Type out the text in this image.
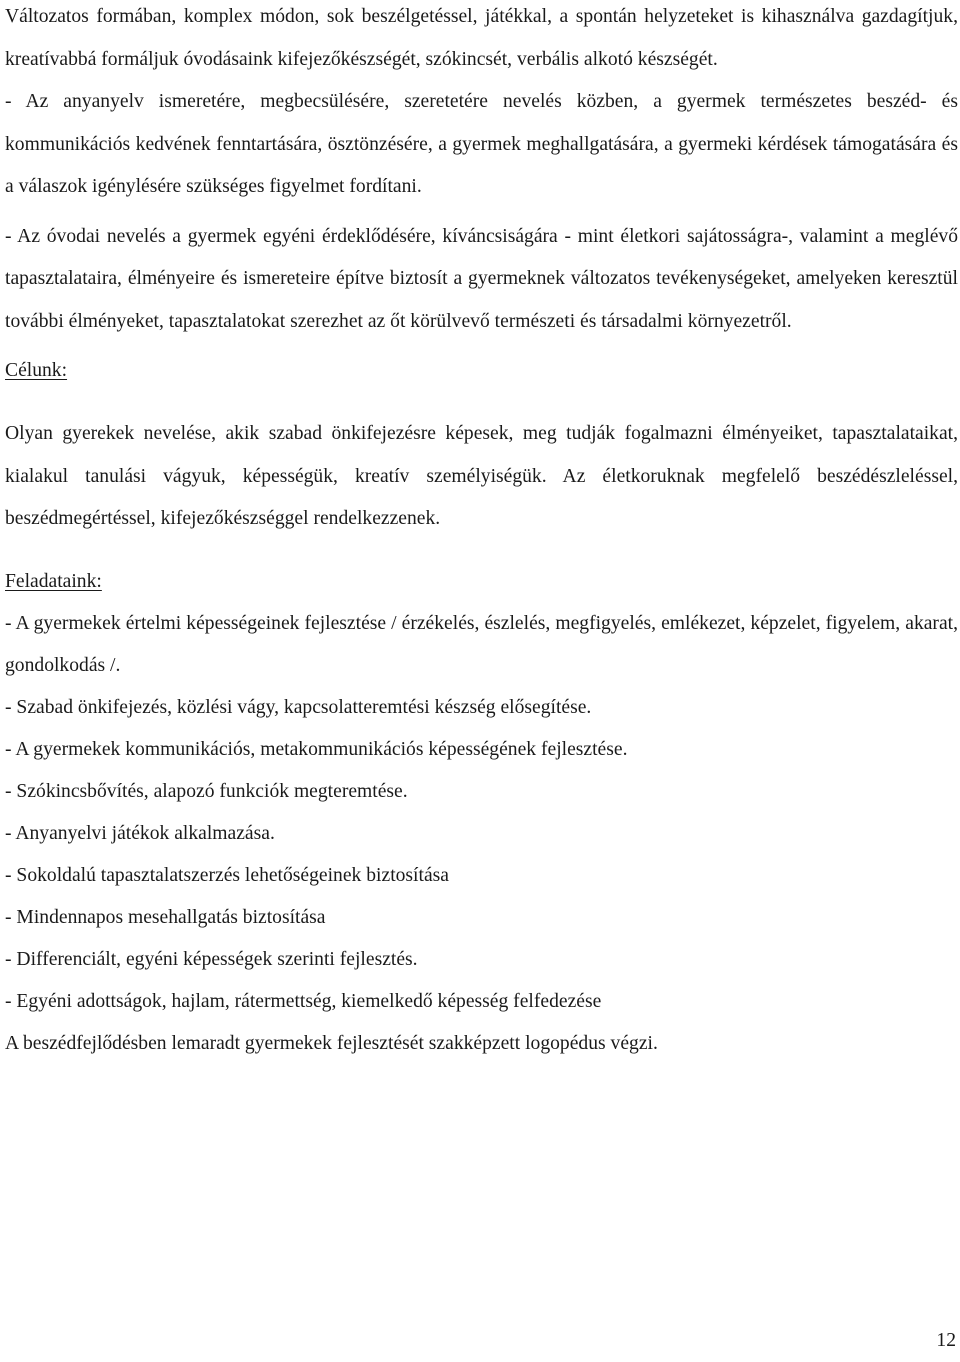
Változatos formában, komplex módon, sok beszélgetéssel, játékkal, a spontán helyzeteket is kihasználva gazdagítjuk, kreatívabbá formáljuk óvodásaink kifejezőkészségét, szókincsét, verbális alkotó készségét.

- Az anyanyelv ismeretére, megbecsülésére, szeretetére nevelés közben, a gyermek természetes beszéd- és kommunikációs kedvének fenntartására, ösztönzésére, a gyermek meghallgatására, a gyermeki kérdések támogatására és a válaszok igénylésére szükséges figyelmet fordítani.

- Az óvodai nevelés a gyermek egyéni érdeklődésére, kíváncsiságára - mint életkori sajátosságra-, valamint a meglévő tapasztalataira, élményeire és ismereteire építve biztosít a gyermeknek változatos tevékenységeket, amelyeken keresztül további élményeket, tapasztalatokat szerezhet az őt körülvevő természeti és társadalmi környezetről.

Célunk:

Olyan gyerekek nevelése, akik szabad önkifejezésre képesek, meg tudják fogalmazni élményeiket, tapasztalataikat, kialakul tanulási vágyuk, képességük, kreatív személyiségük. Az életkoruknak megfelelő beszédészleléssel, beszédmegértéssel, kifejezőkészséggel rendelkezzenek.

Feladataink:

- A gyermekek értelmi képességeinek fejlesztése / érzékelés, észlelés, megfigyelés, emlékezet, képzelet, figyelem, akarat, gondolkodás /.

- Szabad önkifejezés, közlési vágy, kapcsolatteremtési készség elősegítése.

- A gyermekek kommunikációs, metakommunikációs képességének fejlesztése.

- Szókincsbővítés, alapozó funkciók megteremtése.

- Anyanyelvi játékok alkalmazása.

- Sokoldalú tapasztalatszerzés lehetőségeinek biztosítása

- Mindennapos mesehallgatás biztosítása

- Differenciált, egyéni képességek szerinti fejlesztés.

- Egyéni adottságok, hajlam, rátermettség, kiemelkedő képesség felfedezése

A beszédfejlődésben lemaradt gyermekek fejlesztését szakképzett logopédus végzi.

12
